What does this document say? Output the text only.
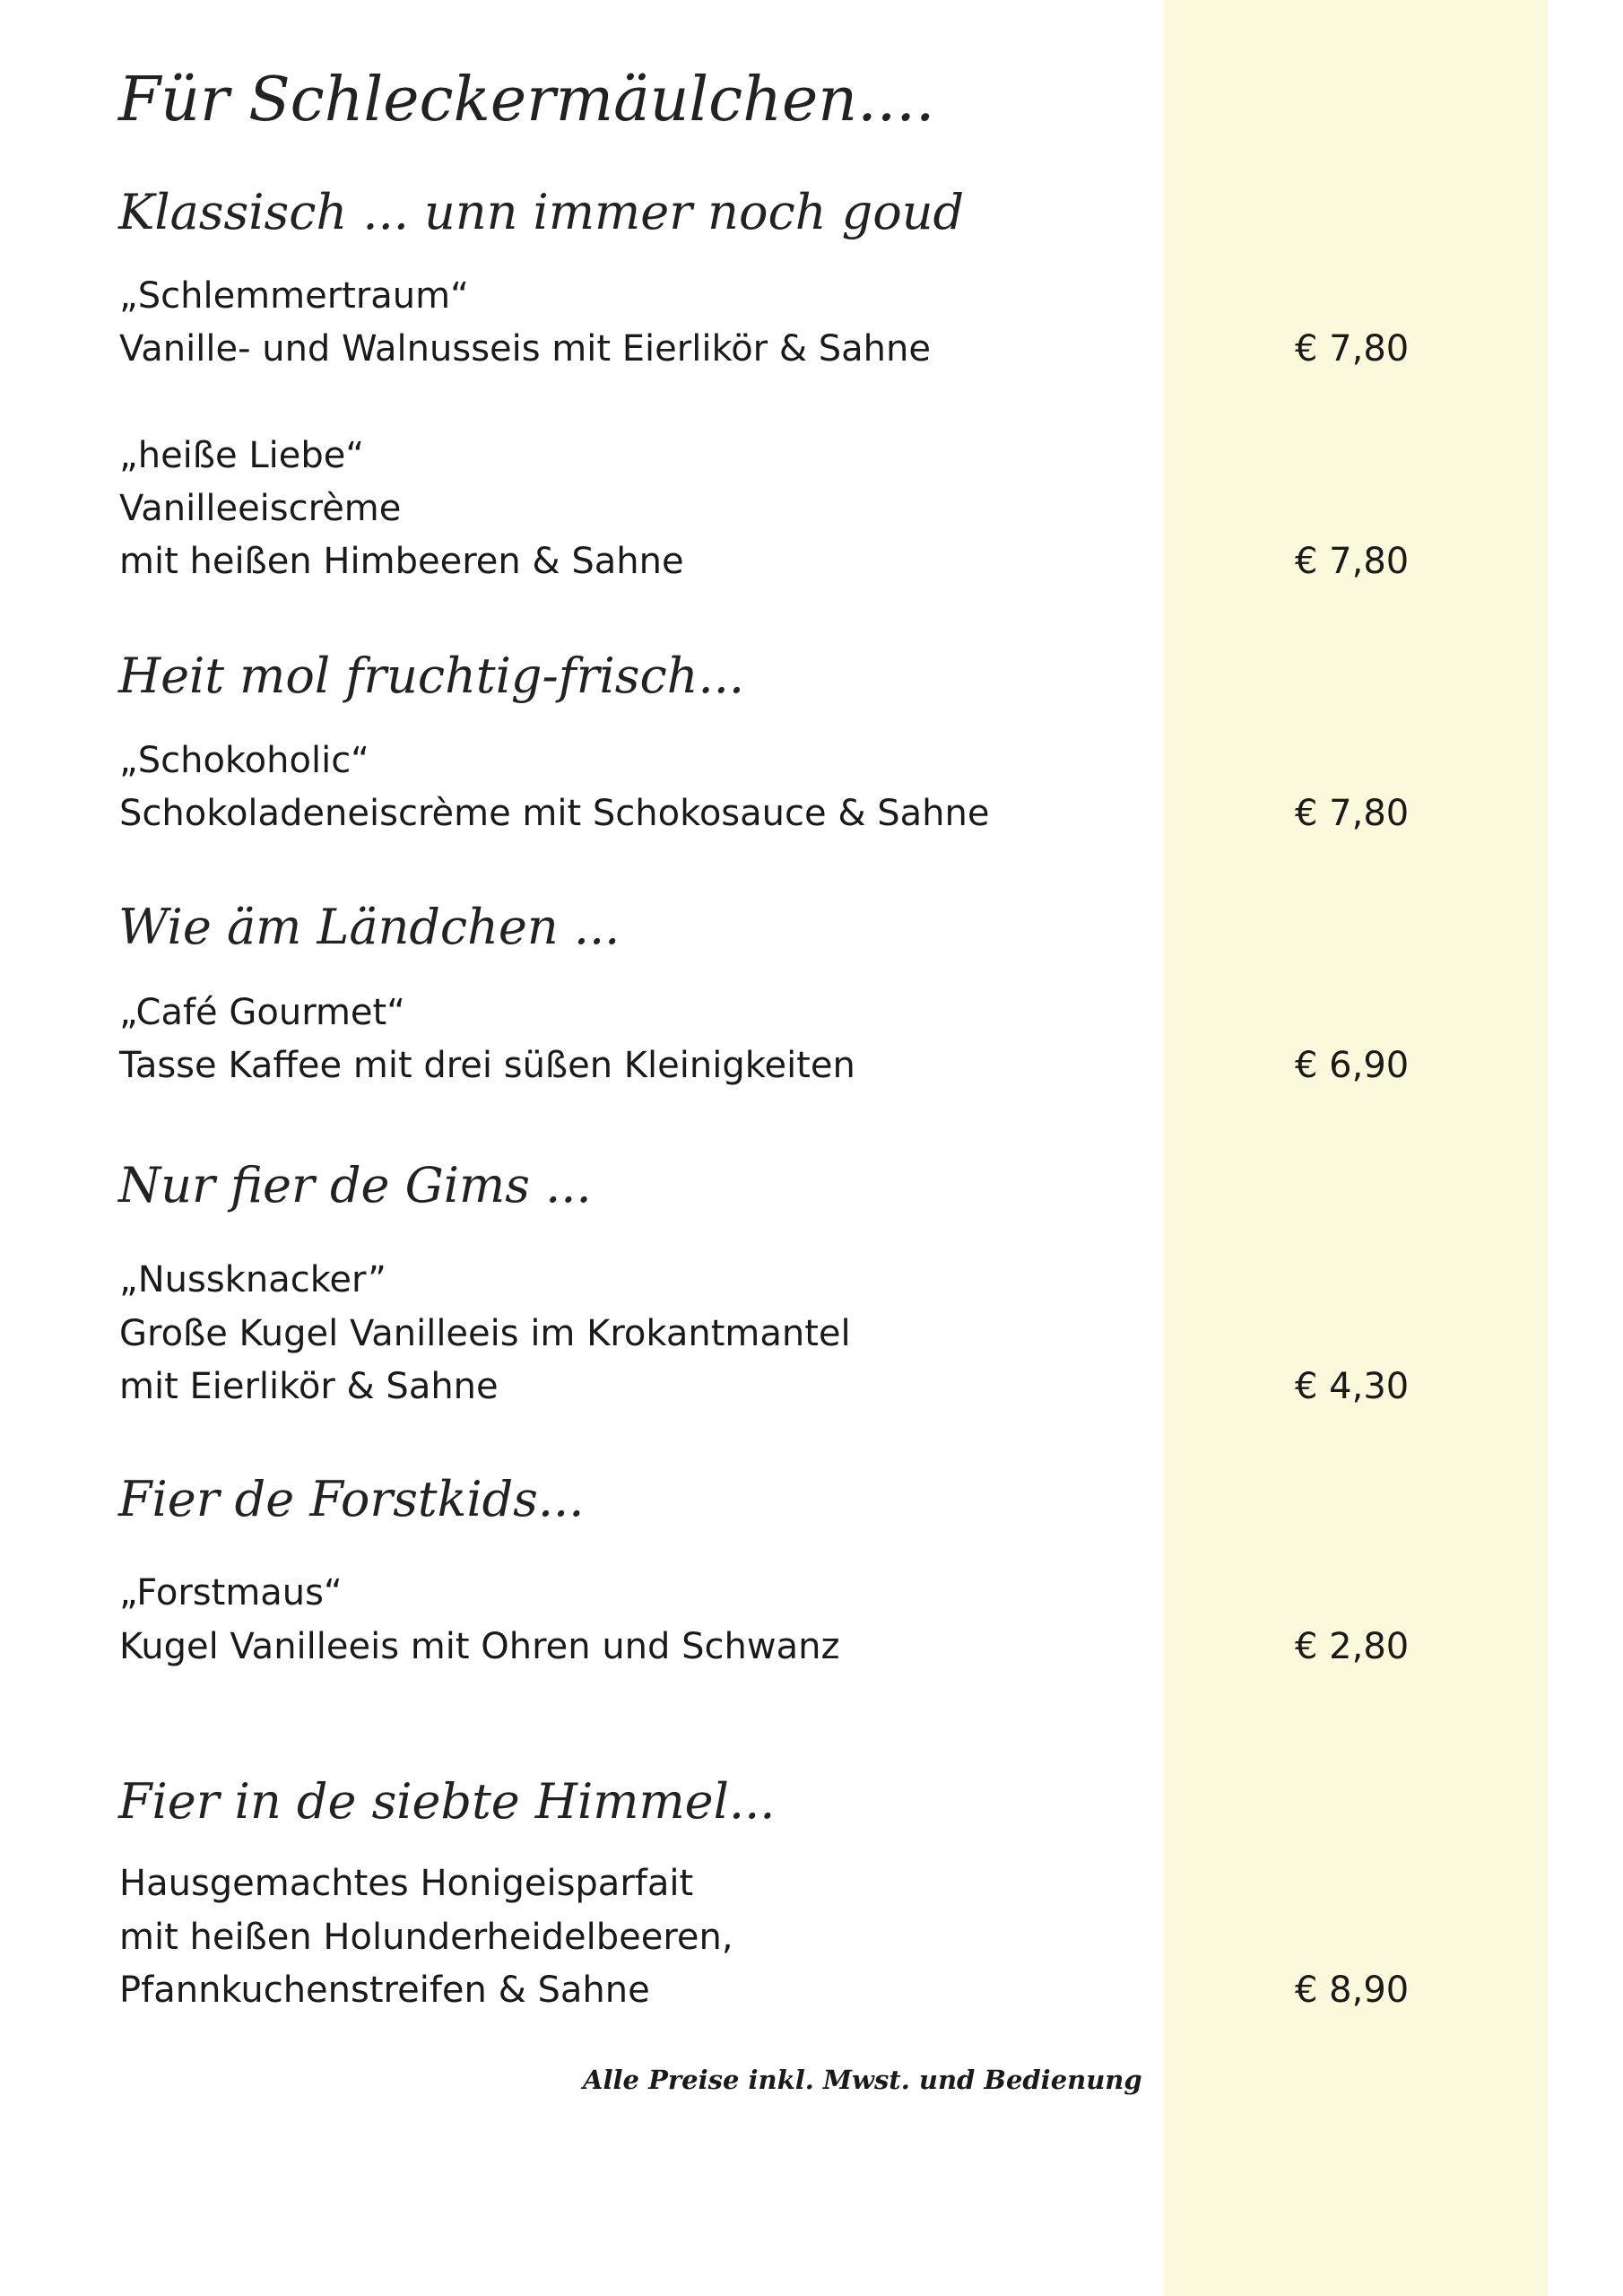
Für Schleckermäulchen....
Klassisch ... unn immer noch goud
„Schlemmertraum“
Vanille- und Walnusseis mit Eierlikör & Sahne	€ 7,80
„heiße Liebe“
Vanilleeiscrème
mit heißen Himbeeren & Sahne	€ 7,80
Heit mol fruchtig-frisch...
„Schokoholic“
Schokoladeneiscrème mit Schokosauce & Sahne	€ 7,80
Wie äm Ländchen ...
„Café Gourmet“
Tasse Kaffee mit drei süßen Kleinigkeiten	€ 6,90
Nur fier de Gims ...
„Nussknacker”
Große Kugel Vanilleeis im Krokantmantel
mit Eierlikör & Sahne	€ 4,30
Fier de Forstkids...
„Forstmaus“
Kugel Vanilleeis mit Ohren und Schwanz	€ 2,80
Fier in de siebte Himmel...
Hausgemachtes Honigeisparfait
mit heißen Holunderheidelbeeren,
Pfannkuchenstreifen & Sahne	€ 8,90
Alle Preise inkl. Mwst. und Bedienung
